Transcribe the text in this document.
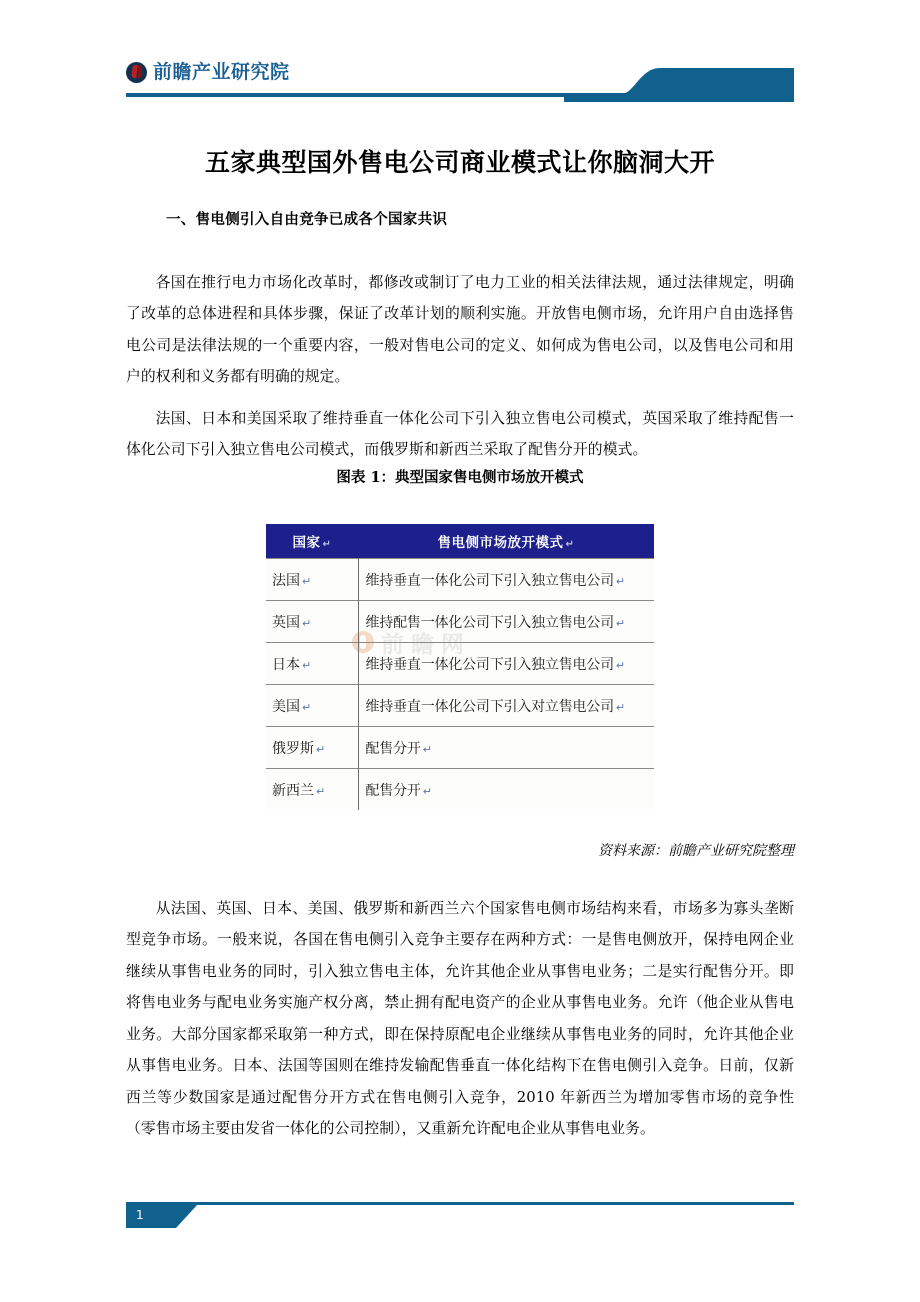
前瞻产业研究院
五家典型国外售电公司商业模式让你脑洞大开
一、售电侧引入自由竞争已成各个国家共识

各国在推行电力市场化改革时，都修改或制订了电力工业的相关法律法规，通过法律规定，明确了改革的总体进程和具体步骤，保证了改革计划的顺利实施。开放售电侧市场，允许用户自由选择售电公司是法律法规的一个重要内容，一般对售电公司的定义、如何成为售电公司，以及售电公司和用户的权利和义务都有明确的规定。

法国、日本和美国采取了维持垂直一体化公司下引入独立售电公司模式，英国采取了维持配售一体化公司下引入独立售电公司模式，而俄罗斯和新西兰采取了配售分开的模式。

图表 1：典型国家售电侧市场放开模式
前瞻网
国家 ↵	售电侧市场放开模式 ↵
法国 ↵	维持垂直一体化公司下引入独立售电公司 ↵
英国 ↵	维持配售一体化公司下引入独立售电公司 ↵
日本 ↵	维持垂直一体化公司下引入独立售电公司 ↵
美国 ↵	维持垂直一体化公司下引入对立售电公司 ↵
俄罗斯 ↵	配售分开 ↵
新西兰 ↵	配售分开 ↵
资料来源：前瞻产业研究院整理

从法国、英国、日本、美国、俄罗斯和新西兰六个国家售电侧市场结构来看，市场多为寡头垄断型竞争市场。一般来说，各国在售电侧引入竞争主要存在两种方式：一是售电侧放开，保持电网企业继续从事售电业务的同时，引入独立售电主体，允许其他企业从事售电业务；二是实行配售分开。即将售电业务与配电业务实施产权分离，禁止拥有配电资产的企业从事售电业务。允许（他企业从售电业务。大部分国家都采取第一种方式，即在保持原配电企业继续从事售电业务的同时，允许其他企业从事售电业务。日本、法国等国则在维持发输配售垂直一体化结构下在售电侧引入竞争。日前，仅新西兰等少数国家是通过配售分开方式在售电侧引入竞争，2010 年新西兰为增加零售市场的竞争性（零售市场主要由发省一体化的公司控制），又重新允许配电企业从事售电业务。

1
